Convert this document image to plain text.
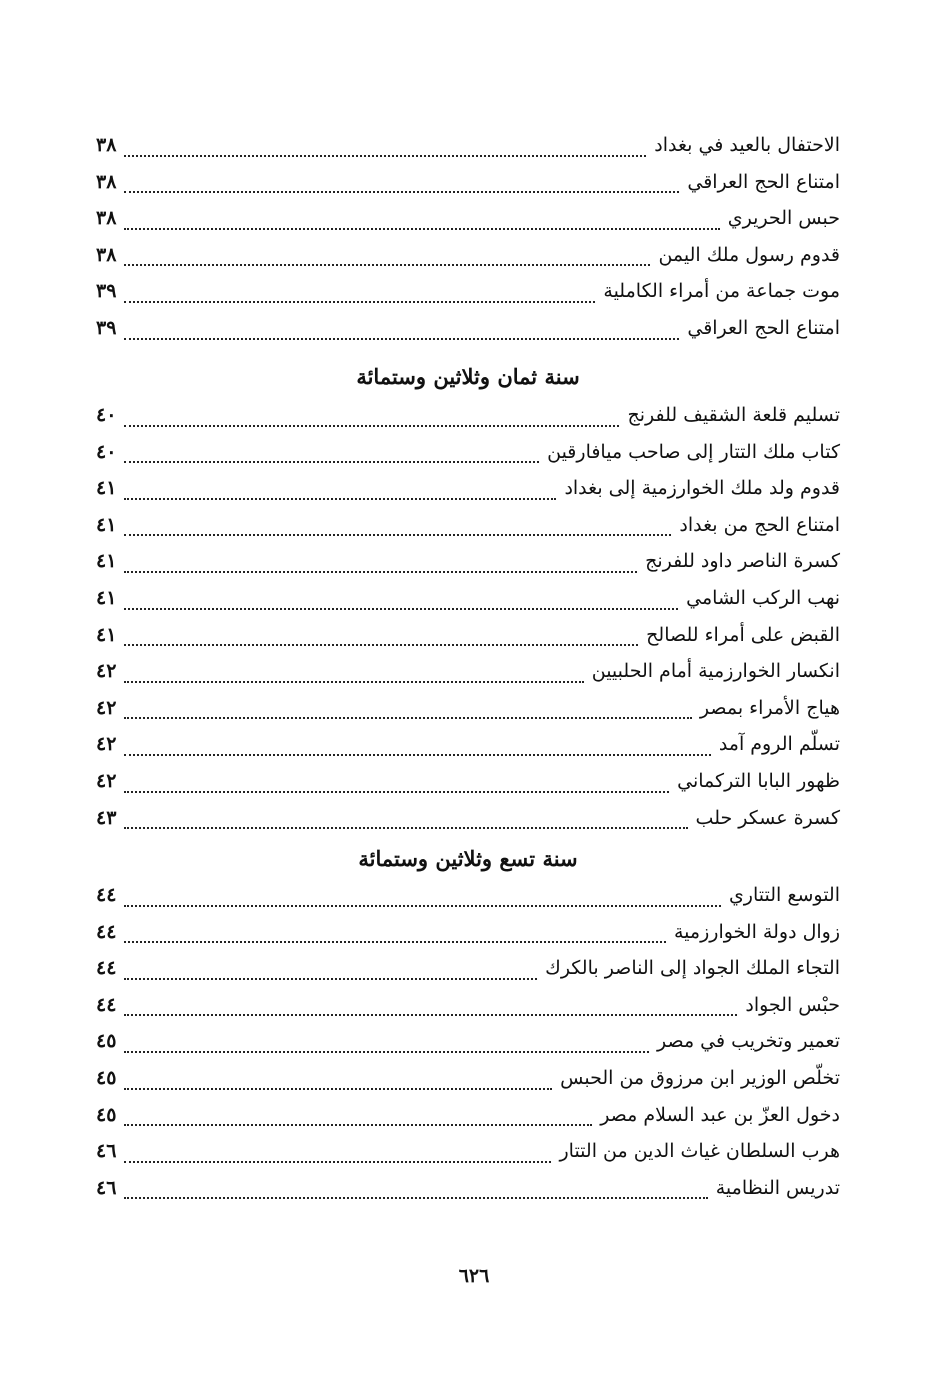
الاحتفال بالعيد في بغداد
٣٨
امتناع الحج العراقي
٣٨
حبس الحريري
٣٨
قدوم رسول ملك اليمن
٣٨
موت جماعة من أمراء الكاملية
٣٩
امتناع الحج العراقي
٣٩
سنة ثمان وثلاثين وستمائة
تسليم قلعة الشقيف للفرنج
٤٠
كتاب ملك التتار إلى صاحب ميافارقين
٤٠
قدوم ولد ملك الخوارزمية إلى بغداد
٤١
امتناع الحج من بغداد
٤١
كسرة الناصر داود للفرنج
٤١
نهب الركب الشامي
٤١
القبض على أمراء للصالح
٤١
انكسار الخوارزمية أمام الحلبيين
٤٢
هياج الأمراء بمصر
٤٢
تسلّم الروم آمد
٤٢
ظهور البابا التركماني
٤٢
كسرة عسكر حلب
٤٣
سنة تسع وثلاثين وستمائة
التوسع التتاري
٤٤
زوال دولة الخوارزمية
٤٤
التجاء الملك الجواد إلى الناصر بالكرك
٤٤
حبْس الجواد
٤٤
تعمير وتخريب في مصر
٤٥
تخلّص الوزير ابن مرزوق من الحبس
٤٥
دخول العزّ بن عبد السلام مصر
٤٥
هرب السلطان غياث الدين من التتار
٤٦
تدريس النظامية
٤٦
٦٢٦
